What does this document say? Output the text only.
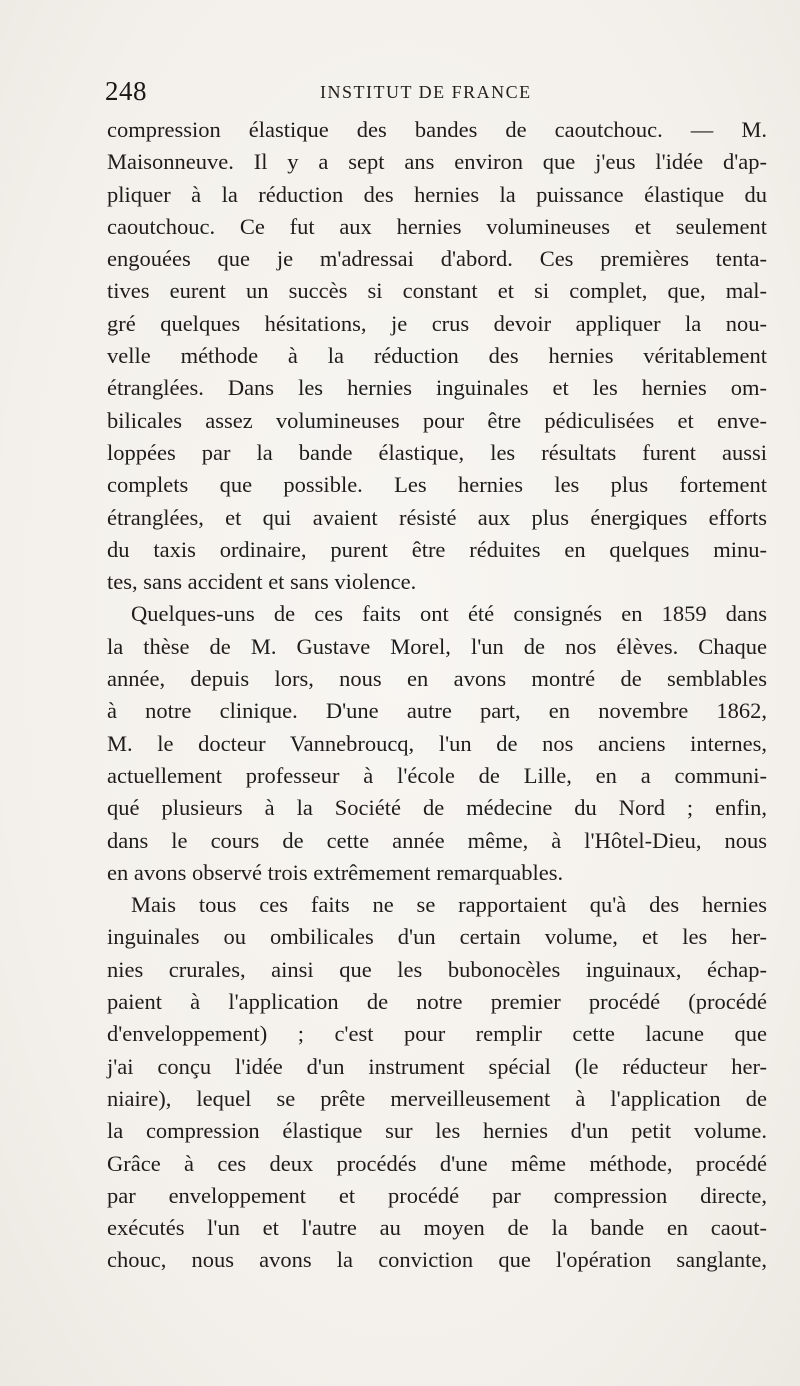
248	INSTITUT DE FRANCE
compression élastique des bandes de caoutchouc. — M.
Maisonneuve. Il y a sept ans environ que j'eus l'idée d'ap-
pliquer à la réduction des hernies la puissance élastique du
caoutchouc. Ce fut aux hernies volumineuses et seulement
engouées que je m'adressai d'abord. Ces premières tenta-
tives eurent un succès si constant et si complet, que, mal-
gré quelques hésitations, je crus devoir appliquer la nou-
velle méthode à la réduction des hernies véritablement
étranglées. Dans les hernies inguinales et les hernies om-
bilicales assez volumineuses pour être pédiculisées et enve-
loppées par la bande élastique, les résultats furent aussi
complets que possible. Les hernies les plus fortement
étranglées, et qui avaient résisté aux plus énergiques efforts
du taxis ordinaire, purent être réduites en quelques minu-
tes, sans accident et sans violence.
Quelques-uns de ces faits ont été consignés en 1859 dans
la thèse de M. Gustave Morel, l'un de nos élèves. Chaque
année, depuis lors, nous en avons montré de semblables
à notre clinique. D'une autre part, en novembre 1862,
M. le docteur Vannebroucq, l'un de nos anciens internes,
actuellement professeur à l'école de Lille, en a communi-
qué plusieurs à la Société de médecine du Nord ; enfin,
dans le cours de cette année même, à l'Hôtel-Dieu, nous
en avons observé trois extrêmement remarquables.
Mais tous ces faits ne se rapportaient qu'à des hernies
inguinales ou ombilicales d'un certain volume, et les her-
nies crurales, ainsi que les bubonocèles inguinaux, échap-
paient à l'application de notre premier procédé (procédé
d'enveloppement) ; c'est pour remplir cette lacune que
j'ai conçu l'idée d'un instrument spécial (le réducteur her-
niaire), lequel se prête merveilleusement à l'application de
la compression élastique sur les hernies d'un petit volume.
Grâce à ces deux procédés d'une même méthode, procédé
par enveloppement et procédé par compression directe,
exécutés l'un et l'autre au moyen de la bande en caout-
chouc, nous avons la conviction que l'opération sanglante,
